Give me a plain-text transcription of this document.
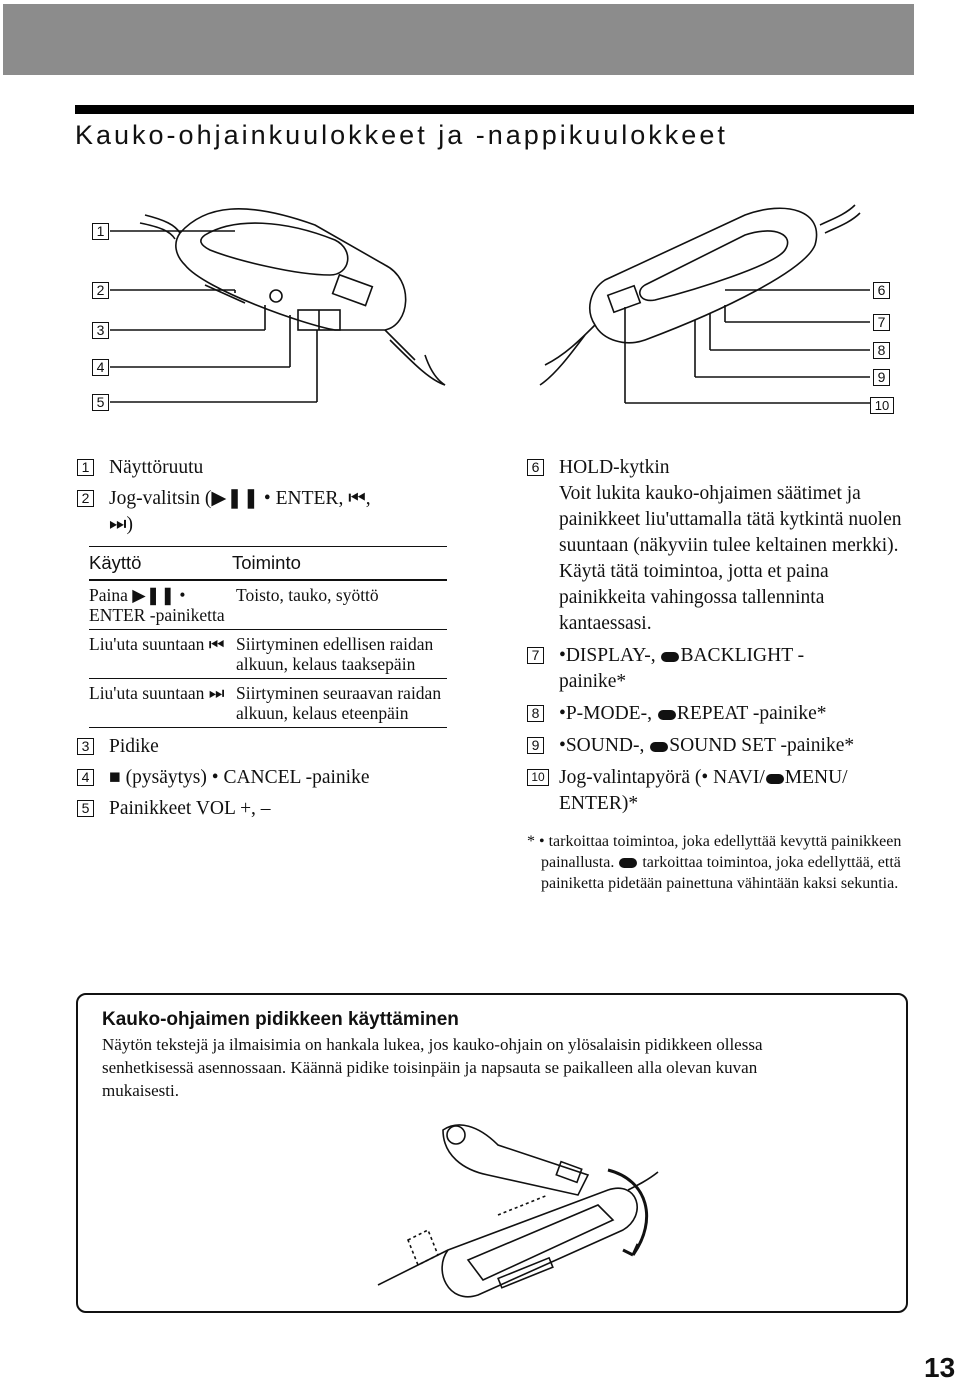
Kauko-ohjainkuulokkeet ja -nappikuulokkeet
1
2
3
4
5
6
7
8
9
10
1 Näyttöruutu
2 Jog-valitsin (▶❚❚ • ENTER, ⏮,
⏭)
Käyttö	Toiminto
Paina ▶❚❚ • ENTER -painiketta	Toisto, tauko, syöttö
Liu'uta suuntaan ⏮	Siirtyminen edellisen raidan alkuun, kelaus taaksepäin
Liu'uta suuntaan ⏭	Siirtyminen seuraavan raidan alkuun, kelaus eteenpäin
3 Pidike
4 ■ (pysäytys) • CANCEL -painike
5 Painikkeet VOL +, –
6 HOLD-kytkin
Voit lukita kauko-ohjaimen säätimet ja painikkeet liu'uttamalla tätä kytkintä nuolen suuntaan (näkyviin tulee keltainen merkki). Käytä tätä toimintoa, jotta et paina painikkeita vahingossa tallenninta kantaessasi.
7 •DISPLAY-, BACKLIGHT -
painike*
8 •P-MODE-, REPEAT -painike*
9 •SOUND-, SOUND SET -painike*
10 Jog-valintapyörä (• NAVI/ MENU/
ENTER)*
* • tarkoittaa toimintoa, joka edellyttää kevyttä painikkeen painallusta. tarkoittaa toimintoa, joka edellyttää, että painiketta pidetään painettuna vähintään kaksi sekuntia.
Kauko-ohjaimen pidikkeen käyttäminen

Näytön tekstejä ja ilmaisimia on hankala lukea, jos kauko-ohjain on ylösalaisin pidikkeen ollessa senhetkisessä asennossaan. Käännä pidike toisinpäin ja napsauta se paikalleen alla olevan kuvan mukaisesti.

13
